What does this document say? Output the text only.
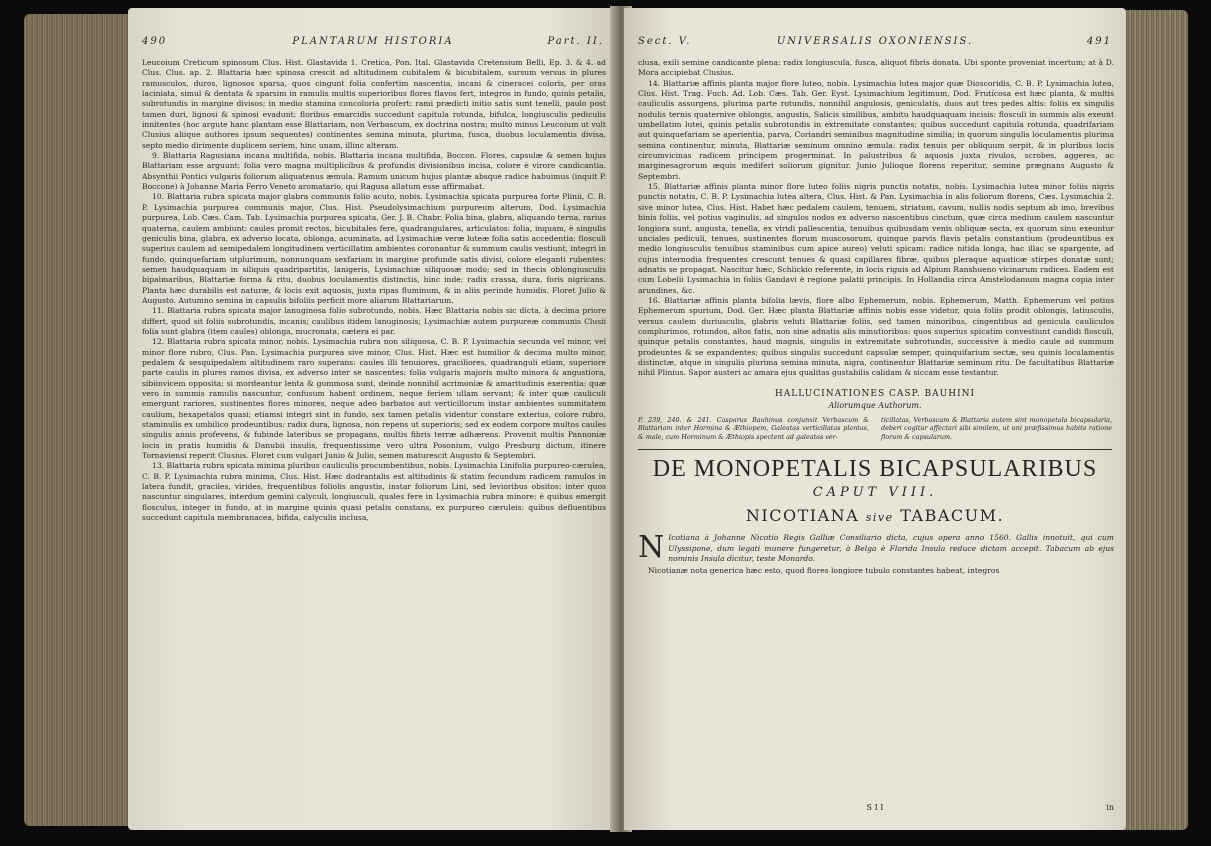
490	PLANTARUM HISTORIA	Part. II.

Leucoium Creticum spinosum Clus. Hist. Glastavida 1. Cretica, Pon. Ital. Glastavida Cretensium Belli, Ep. 3. & 4. ad Clus. Clus. ap. 2. Blattaria hæc spinosa crescit ad altitudinem cubitalem & bicubitalem, sursum versus in plures ramusculos, duros, lignosos sparsa, quos cingunt folia confertim nascentia, incani & cineracei coloris, per oras laciniata, simul & dentata & sparsim in ramulis multis superioribus flores flavos fert, integros in fundo, quinis petalis, subrotundis in margine divisos; in medio stamina concoloria profert: rami prædicti initio satis sunt tenelli, paulo post tamen duri, lignosi & spinosi evadunt: floribus emarcidis succedunt capitula rotunda, bifulca, longiusculis pediculis innitentes (hoc argute hanc plantam esse Blattariam, non Verbascum, ex doctrina nostra; multo minus Leucoium ut vult Clusius aliique authores ipsum sequentes) continentes semina minuta, plurima, fusca, duobus loculamentis divisa, septo medio dirimente duplicem seriem, hinc unam, illinc alteram.

9. Blattaria Ragusiana incana multifida, nobis. Blattaria incana multifida, Boccon. Flores, capsulæ & semen hujus Blattariam esse arguunt: folia vero magna multiplicibus & profundis divisionibus incisa, colore è virore candicantia. Absynthii Pontici vulgaris foliorum aliquatenus æmula. Ramum unicum hujus plantæ absque radice habuimus (inquit P. Boccone) à Johanne Maria Ferro Veneto aromatario, qui Ragusa allatum esse affirmabat.

10. Blattaria rubra spicata major glabra communis folio acuto, nobis. Lysimachia spicata purpurea forte Plinii, C. B. P. Lysimachia purpurea communis major, Clus. Hist. Pseudolysimachium purpureum alterum, Dod. Lysimachia purpurea, Lob. Cæs. Cam. Tab. Lysimachia purpurea spicata, Ger. J. B. Chabr. Folia bina, glabra, aliquando terna, rarius quaterna, caulem ambiunt: caules promit rectos, bicubitales fere, quadrangulares, articulatos: folia, inquam, è singulis geniculis bina, glabra, ex adverso locata, oblonga, acuminata, ad Lysimachiæ veræ luteæ folia satis accedentia: flosculi superius caulem ad semipedalem longitudinem verticillatim ambientes coronantur & summum caulis vestiunt, integri in fundo, quinquefariam utplurimum, nonnunquam sexfariam in margine profunde satis divisi, colore eleganti rubentes: semen haudquaquam in siliquis quadripartitis, lanigeris, Lysimachiæ siliquosæ modo; sed in thecis oblongiusculis bipalmaribus, Blattariæ forma & ritu, duobus loculamentis distinctis, hinc inde; radix crassa, dura, foris nigricans. Planta hæc durabilis est naturæ, & locis exit aquosis, juxta ripas fluminum, & in aliis perinde humidis. Floret Julio & Augusto. Autumno semina in capsulis bifoliis perficit more aliarum Blattariarum.

11. Blattaria rubra spicata major lanuginosa folio subrotundo, nobis. Hæc Blattaria nobis sic dicta, à decima priore differt, quod sit foliis subrotundis, incanis; caulibus itidem lanuginosis; Lysimachiæ autem purpureæ communis Clusii folia sunt glabra (item caules) oblonga, mucronata, cætera ei par.

12. Blattaria rubra spicata minor, nobis. Lysimachia rubra non siliquosa, C. B. P. Lysimachia secunda vel minor, vel minor flore rubro, Clus. Pan. Lysimachia purpurea sive minor, Clus. Hist. Hæc est humilior & decima multo minor, pedalem & sesquipedalem altitudinem raro superans: caules illi tenuiores, graciliores, quadranguli etiam, superiore parte caulis in plures ramos divisa, ex adverso inter se nascentes: folia vulgaris majoris multo minora & angustiora, sibiinvicem opposita; si mordeantur lenta & gummosa sunt, deinde nonnihil acrimoniæ & amaritudinis exerentia: quæ vero in summis ramulis nascuntur, confusum habent ordinem, neque feriem ullam servant; & inter quæ cauliculi emergunt rariores, sustinentes flores minores, neque adeo barbatos aut verticillorum instar ambientes summitatem caulium, hexapetalos quasi; etiamsi integri sint in fundo, sex tamen petalis videntur constare exterius, colore rubro, staminulis ex umbilico prodeuntibus: radix dura, lignosa, non repens ut superioris; sed ex eodem corpore multos caules singulis annis profevens, & fubinde lateribus se propagans, multis fibris terræ adhærens. Provenit multis Pannoniæ locis in pratis humidis & Danubii insulis, frequentissime vero ultra Posonium, vulgo Presburg dictum, itinere Tornaviensi reperit Clusius. Floret cum vulgari Junio & Julio, semen maturescit Augusto & Septembri.

13. Blattaria rubra spicata minima pluribus cauliculis procumbentibus, nobis. Lysimachia Linifolia purpureo-cærulea, C. B. P. Lysimachia rubra minima, Clus. Hist. Hæc dodrantalis est altitudinis & statim fecundum radicem ramulos in latera fundit, graciles, virides, frequentibus foliolis angustis, instar foliorum Lini, sed levioribus obsitos: inter quos nascuntur singulares, interdum gemini calyculi, longiusculi, quales fere in Lysimachia rubra minore: è quibus emergit flosculus, integer in fundo, at in margine quinis quasi petalis constans, ex purpureo cæruleis: quibus defluentibus succedunt capitula membranacea, bifida, calyculis inclusa,

Sect. V.	UNIVERSALIS OXONIENSIS.	491

clusa, exili semine candicante plena: radix longiuscula, fusca, aliquot fibris donata. Ubi sponte proveniat incertum; at à D. Mora accipiebat Clusius.

14. Blattariæ affinis planta major flore luteo, nobis. Lysimachia lutea major quæ Dioscoridis, C. B. P. Lysimachia lutea, Clus. Hist. Trag. Fuch. Ad. Lob. Cæs. Tab. Ger. Eyst. Lysimachium legitimum, Dod. Frutícosa est hæc planta, & multis cauliculis assurgens, plurima parte rotundis, nonnihil angulosis, geniculatis, duos aut tres pedes altis: foliis ex singulis nodulis ternis quaternive oblongis, angustis, Salicis similibus, ambitu haudquaquam incisis: flosculi in summis alis exeunt umbellatim lutei, quinis petalis subrotundis in extremitate constantes; quibus succedunt capitula rotunda, quadrifariam aut quinquefariam se aperientia, parva, Coriandri seminibus magnitudine similia; in quorum singulis loculamentis plurima semina continentur, minuta, Blattariæ seminum omnino æmula: radix tenuis per obliquum serpit, & in pluribus locis circumvicinas radicem principem progerminat. In palustribus & aquosis juxta rivulos, scrobes, aggeres, ac marginesagrorum æquis mediferi soliorum gignitur. Junio Julioque florens reperitur, semine prægnans Augusto & Septembri.

15. Blattariæ affinis planta minor flore luteo foliis nigris punctis notatis, nobis. Lysimachia lutea minor foliis nigris punctis notatis, C. B. P. Lysimachia lutea altera, Clus. Hist. & Pan. Lysimachia in alis foliorum florens, Cæs. Lysimachia 2. sive minor lutea, Clus. Hist. Habet hæc pedalem caulem, tenuem, striatum, cavum, nullis nodis septum ab imo, brevibus binis foliis, vel potius vaginulis, ad singulos nodos ex adverso nascentibus cinctum, quæ circa medium caulem nascuntur longiora sunt, angusta, tenella, ex viridi pallescentia, tenuibus quibusdam venis obliquæ secta, ex quorum sinu exeuntur unciales pediculi, tenues, sustinentes florum muscosorum, quinque parvis flavis petalis constantium (prodeuntibus ex medio longiusculis tenuibus staminibus cum apice aureo) veluti spicam: radice nitida longa, hac illac se spargente, ad cujus internodia frequentes crescunt tenues & quasi capillares fibræ, quibus pleraque aquaticæ stirpes donatæ sunt; adnatis se propagat. Nascitur hæc, Schlickio referente, in locis riguis ad Alpium Ranshueno vicinarum radices. Eadem est cum Lobelii Lysimachia in foliis Gandavi è regione palatii principis. In Hollandia circa Amstelodamum magna copia inter arundines, &c.

16. Blattariæ affinis planta bifolia lævis, flore albo Ephemerum, nobis. Ephemerum, Matth. Ephemerum vel potius Ephemerum spurium, Dod. Ger. Hæc planta Blattariæ affinis nobis esse videtur, quia foliis prodit oblongis, latiusculis, versus caulem duriusculis, glabris veluti Blattariæ foliis, sed tamen minoribus, cingentibus ad genicula cauliculos complurimos, rotundos, altos fatis, non sine adnatis alis minutioribus: quos superius spicatim convestiunt candidi flosculi, quinque petalis constantes, haud magnis, singulis in extremitate subrotundis, successive à medio caule ad summum prodeuntes & se expandentes; quibus singulis succedunt capsulæ semper, quinquifarium sectæ, seu quinis loculamentis distinctæ, atque in singulis plurima semina minuta, nigra, continentur Blattariæ seminum ritu. De facultatibus Blattariæ nihil Plinius. Sapor austeri ac amara ejus qualitas gustabilis calidam & siccam esse testantur.

HALLUCINATIONES CASP. BAUHINI
Aliorumque Authorum.
P. 239, 240. & 241. Casparus Bauhinus conjunxit Verbascum & Blattariam inter Hormina & Æthiopem, Galeatas verticillatas plantas, & male, cum Horminum & Æthiopis spectent ad galeatas ver-
ticillatas, Verbascum & Blattaria autem sint monopetala bicapsularia, deberi cogitur affectari sibi similem, ut uni præfissimus habita ratione florum & capsularum.
DE MONOPETALIS BICAPSULARIBUS
CAPUT VIII.
NICOTIANA sive TABACUM.
N Icotiana à Johanne Nicotio Regis Galliæ Consiliario dicta, cujus opera anno 1560. Gallis innotuit, qui cum Ulyssipone, dum legati munere fungeretur, à Belga è Florida Insula reduce dictam accepit. Tabacum ab ejus nominis Insula dicitur, teste Monardo.

Nicotianæ nota generica hæc esto, quod flores longiore tubulo constantes habeat, integros

S I I	in
